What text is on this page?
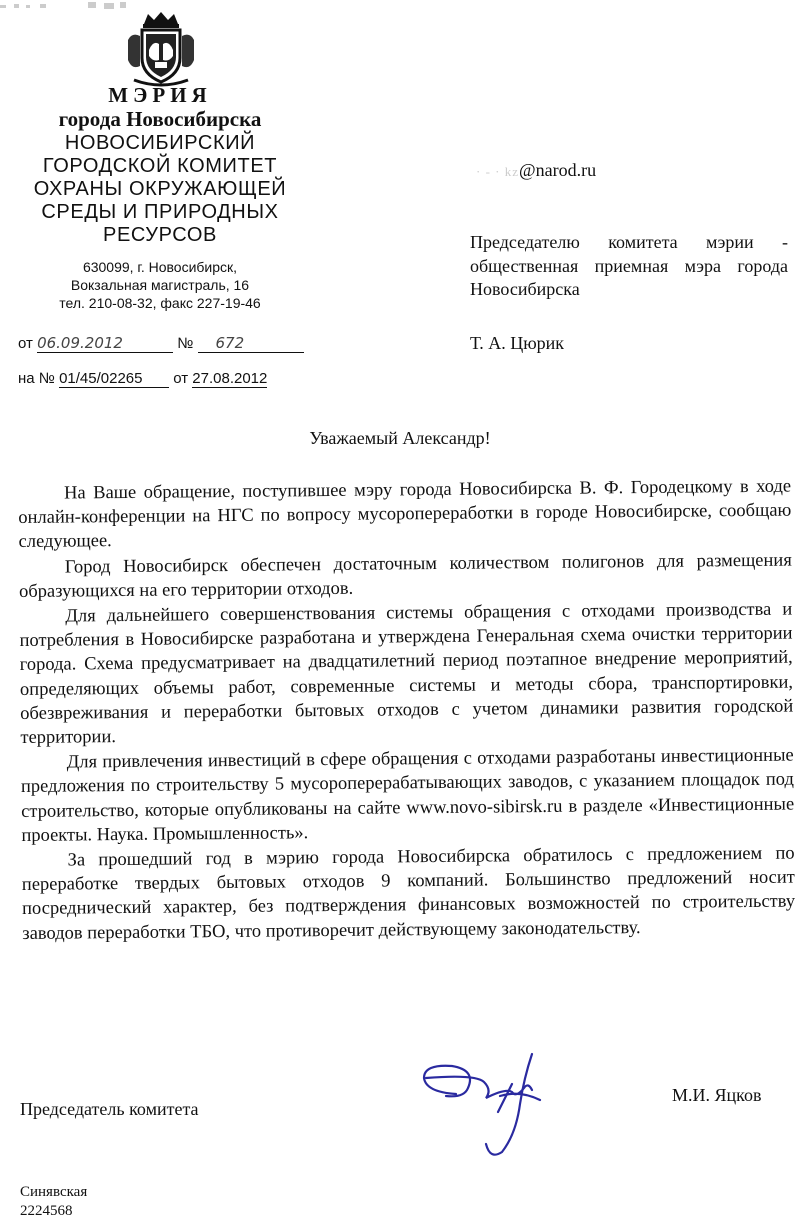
МЭРИЯ
города Новосибирска
НОВОСИБИРСКИЙ
ГОРОДСКОЙ КОМИТЕТ
ОХРАНЫ ОКРУЖАЮЩЕЙ
СРЕДЫ И ПРИРОДНЫХ
РЕСУРСОВ
630099, г. Новосибирск,
Вокзальная магистраль, 16
тел. 210-08-32, факс 227-19-46
от 06.09.2012	№ 672
на № 01/45/02265 от 27.08.2012
· - · kz@narod.ru
Председателю комитета мэрии - общественная приемная мэра города Новосибирска
Т. А. Цюрик
Уважаемый Александр!

На Ваше обращение, поступившее мэру города Новосибирска В. Ф. Городецкому в ходе онлайн-конференции на НГС по вопросу мусоропереработки в городе Новосибирске, сообщаю следующее.

Город Новосибирск обеспечен достаточным количеством полигонов для размещения образующихся на его территории отходов.

Для дальнейшего совершенствования системы обращения с отходами производства и потребления в Новосибирске разработана и утверждена Генеральная схема очистки территории города. Схема предусматривает на двадцатилетний период поэтапное внедрение мероприятий, определяющих объемы работ, современные системы и методы сбора, транспортировки, обезвреживания и переработки бытовых отходов с учетом динамики развития городской территории.

Для привлечения инвестиций в сфере обращения с отходами разработаны инвестиционные предложения по строительству 5 мусороперерабатывающих заводов, с указанием площадок под строительство, которые опубликованы на сайте www.novo-sibirsk.ru в разделе «Инвестиционные проекты. Наука. Промышленность».

За прошедший год в мэрию города Новосибирска обратилось с предложением по переработке твердых бытовых отходов 9 компаний. Большинство предложений носит посреднический характер, без подтверждения финансовых возможностей по строительству заводов переработки ТБО, что противоречит действующему законодательству.

Председатель комитета
М.И. Яцков
Синявская
2224568
